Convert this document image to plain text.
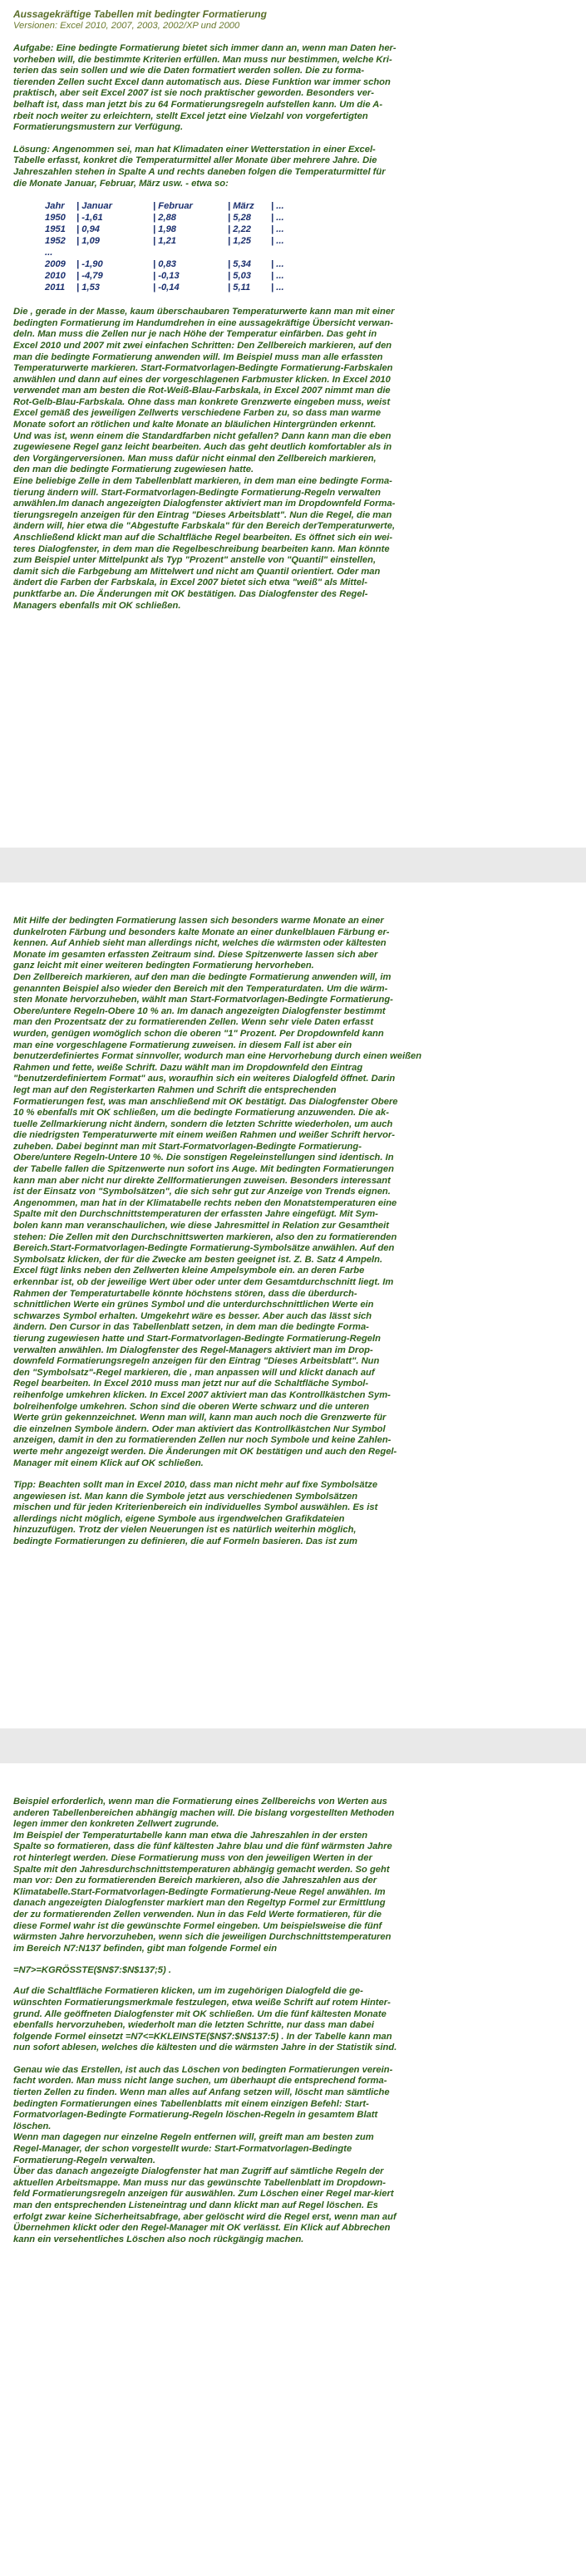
Aussagekräftige Tabellen mit bedingter Formatierung

Versionen: Excel 2010, 2007, 2003, 2002/XP und 2000

Aufgabe: Eine bedingte Formatierung bietet sich immer dann an, wenn man Daten her-
vorheben will, die bestimmte Kriterien erfüllen. Man muss nur bestimmen, welche Kri-
terien das sein sollen und wie die Daten formatiert werden sollen. Die zu forma-
tierenden Zellen sucht Excel dann automatisch aus. Diese Funktion war immer schon
praktisch, aber seit Excel 2007 ist sie noch praktischer geworden. Besonders ver-
belhaft ist, dass man jetzt bis zu 64 Formatierungsregeln aufstellen kann. Um die A-
rbeit noch weiter zu erleichtern, stellt Excel jetzt eine Vielzahl von vorgefertigten
Formatierungsmustern zur Verfügung.

Lösung: Angenommen sei, man hat Klimadaten einer Wetterstation in einer Excel-
Tabelle erfasst, konkret die Temperaturmittel aller Monate über mehrere Jahre. Die
Jahreszahlen stehen in Spalte A und rechts daneben folgen die Temperaturmittel für
die Monate Januar, Februar, März usw. - etwa so:

Jahr	| Januar	| Februar	| März	| ...
1950	| -1,61	| 2,88	| 5,28	| ...
1951	| 0,94	| 1,98	| 2,22	| ...
1952	| 1,09	| 1,21	| 1,25	| ...
...				
2009	| -1,90	| 0,83	| 5,34	| ...
2010	| -4,79	| -0,13	| 5,03	| ...
2011	| 1,53	| -0,14	| 5,11	| ...

Die , gerade in der Masse, kaum überschaubaren Temperaturwerte kann man mit einer
bedingten Formatierung im Handumdrehen in eine aussagekräftige Übersicht verwan-
deln. Man muss die Zellen nur je nach Höhe der Temperatur einfärben. Das geht in
Excel 2010 und 2007 mit zwei einfachen Schritten: Den Zellbereich markieren, auf den
man die bedingte Formatierung anwenden will. Im Beispiel muss man alle erfassten
Temperaturwerte markieren. Start-Formatvorlagen-Bedingte Formatierung-Farbskalen
anwählen und dann auf eines der vorgeschlagenen Farbmuster klicken. In Excel 2010
verwendet man am besten die Rot-Weiß-Blau-Farbskala, in Excel 2007 nimmt man die
Rot-Gelb-Blau-Farbskala. Ohne dass man konkrete Grenzwerte eingeben muss, weist
Excel gemäß des jeweiligen Zellwerts verschiedene Farben zu, so dass man warme
Monate sofort an rötlichen und kalte Monate an bläulichen Hintergründen erkennt.
Und was ist, wenn einem die Standardfarben nicht gefallen? Dann kann man die eben
zugewiesene Regel ganz leicht bearbeiten. Auch das geht deutlich komfortabler als in
den Vorgängerversionen. Man muss dafür nicht einmal den Zellbereich markieren,
den man die bedingte Formatierung zugewiesen hatte.
Eine beliebige Zelle in dem Tabellenblatt markieren, in dem man eine bedingte Forma-
tierung ändern will. Start-Formatvorlagen-Bedingte Formatierung-Regeln verwalten
anwählen.Im danach angezeigten Dialogfenster aktiviert man im Dropdownfeld Forma-
tierungsregeln anzeigen für den Eintrag "Dieses Arbeitsblatt". Nun die Regel, die man
ändern will, hier etwa die "Abgestufte Farbskala" für den Bereich derTemperaturwerte,
Anschließend klickt man auf die Schaltfläche Regel bearbeiten. Es öffnet sich ein wei-
teres Dialogfenster, in dem man die Regelbeschreibung bearbeiten kann. Man könnte
zum Beispiel unter Mittelpunkt als Typ "Prozent" anstelle von "Quantil" einstellen,
damit sich die Farbgebung am Mittelwert und nicht am Quantil orientiert. Oder man
ändert die Farben der Farbskala, in Excel 2007 bietet sich etwa "weiß" als Mittel-
punktfarbe an. Die Änderungen mit OK bestätigen. Das Dialogfenster des Regel-
Managers ebenfalls mit OK schließen.

Mit Hilfe der bedingten Formatierung lassen sich besonders warme Monate an einer
dunkelroten Färbung und besonders kalte Monate an einer dunkelblauen Färbung er-
kennen. Auf Anhieb sieht man allerdings nicht, welches die wärmsten oder kältesten
Monate im gesamten erfassten Zeitraum sind. Diese Spitzenwerte lassen sich aber
ganz leicht mit einer weiteren bedingten Formatierung hervorheben.
Den Zellbereich markieren, auf den man die bedingte Formatierung anwenden will, im
genannten Beispiel also wieder den Bereich mit den Temperaturdaten. Um die wärm-
sten Monate hervorzuheben, wählt man Start-Formatvorlagen-Bedingte Formatierung-
Obere/untere Regeln-Obere 10 % an. Im danach angezeigten Dialogfenster bestimmt
man den Prozentsatz der zu formatierenden Zellen. Wenn sehr viele Daten erfasst
wurden, genügen womöglich schon die oberen "1" Prozent. Per Dropdownfeld kann
man eine vorgeschlagene Formatierung zuweisen. in diesem Fall ist aber ein
benutzerdefiniertes Format sinnvoller, wodurch man eine Hervorhebung durch einen weißen
Rahmen und fette, weiße Schrift. Dazu wählt man im Dropdownfeld den Eintrag
"benutzerdefiniertem Format" aus, woraufhin sich ein weiteres Dialogfeld öffnet. Darin
legt man auf den Registerkarten Rahmen und Schrift die entsprechenden
Formatierungen fest, was man anschließend mit OK bestätigt. Das Dialogfenster Obere
10 % ebenfalls mit OK schließen, um die bedingte Formatierung anzuwenden. Die ak-
tuelle Zellmarkierung nicht ändern, sondern die letzten Schritte wiederholen, um auch
die niedrigsten Temperaturwerte mit einem weißen Rahmen und weißer Schrift hervor-
zuheben. Dabei beginnt man mit Start-Formatvorlagen-Bedingte Formatierung-
Obere/untere Regeln-Untere 10 %. Die sonstigen Regeleinstellungen sind identisch. In
der Tabelle fallen die Spitzenwerte nun sofort ins Auge. Mit bedingten Formatierungen
kann man aber nicht nur direkte Zellformatierungen zuweisen. Besonders interessant
ist der Einsatz von "Symbolsätzen", die sich sehr gut zur Anzeige von Trends eignen.
Angenommen, man hat in der Klimatabelle rechts neben den Monatstemperaturen eine
Spalte mit den Durchschnittstemperaturen der erfassten Jahre eingefügt. Mit Sym-
bolen kann man veranschaulichen, wie diese Jahresmittel in Relation zur Gesamtheit
stehen: Die Zellen mit den Durchschnittswerten markieren, also den zu formatierenden
Bereich.Start-Formatvorlagen-Bedingte Formatierung-Symbolsätze anwählen. Auf den
Symbolsatz klicken, der für die Zwecke am besten geeignet ist. Z. B. Satz 4 Ampeln.
Excel fügt links neben den Zellwerten kleine Ampelsymbole ein. an deren Farbe
erkennbar ist, ob der jeweilige Wert über oder unter dem Gesamtdurchschnitt liegt. Im
Rahmen der Temperaturtabelle könnte höchstens stören, dass die überdurch-
schnittlichen Werte ein grünes Symbol und die unterdurchschnittlichen Werte ein
schwarzes Symbol erhalten. Umgekehrt wäre es besser. Aber auch das lässt sich
ändern. Den Cursor in das Tabellenblatt setzen, in dem man die bedingte Forma-
tierung zugewiesen hatte und Start-Formatvorlagen-Bedingte Formatierung-Regeln
verwalten anwählen. Im Dialogfenster des Regel-Managers aktiviert man im Drop-
downfeld Formatierungsregeln anzeigen für den Eintrag "Dieses Arbeitsblatt". Nun
den "Symbolsatz"-Regel markieren, die , man anpassen will und klickt danach auf
Regel bearbeiten. In Excel 2010 muss man jetzt nur auf die Schaltfläche Symbol-
reihenfolge umkehren klicken. In Excel 2007 aktiviert man das Kontrollkästchen Sym-
bolreihenfolge umkehren. Schon sind die oberen Werte schwarz und die unteren
Werte grün gekennzeichnet. Wenn man will, kann man auch noch die Grenzwerte für
die einzelnen Symbole ändern. Oder man aktiviert das Kontrollkästchen Nur Symbol
anzeigen, damit in den zu formatierenden Zellen nur noch Symbole und keine Zahlen-
werte mehr angezeigt werden. Die Änderungen mit OK bestätigen und auch den Regel-
Manager mit einem Klick auf OK schließen.

Tipp: Beachten sollt man in Excel 2010, dass man nicht mehr auf fixe Symbolsätze
angewiesen ist. Man kann die Symbole jetzt aus verschiedenen Symbolsätzen
mischen und für jeden Kriterienbereich ein individuelles Symbol auswählen. Es ist
allerdings nicht möglich, eigene Symbole aus irgendwelchen Grafikdateien
hinzuzufügen. Trotz der vielen Neuerungen ist es natürlich weiterhin möglich,
bedingte Formatierungen zu definieren, die auf Formeln basieren. Das ist zum

Beispiel erforderlich, wenn man die Formatierung eines Zellbereichs von Werten aus
anderen Tabellenbereichen abhängig machen will. Die bislang vorgestellten Methoden
legen immer den konkreten Zellwert zugrunde.
Im Beispiel der Temperaturtabelle kann man etwa die Jahreszahlen in der ersten
Spalte so formatieren, dass die fünf kältesten Jahre blau und die fünf wärmsten Jahre
rot hinterlegt werden. Diese Formatierung muss von den jeweiligen Werten in der
Spalte mit den Jahresdurchschnittstemperaturen abhängig gemacht werden. So geht
man vor: Den zu formatierenden Bereich markieren, also die Jahreszahlen aus der
Klimatabelle.Start-Formatvorlagen-Bedingte Formatierung-Neue Regel anwählen. Im
danach angezeigten Dialogfenster markiert man den Regeltyp Formel zur Ermittlung
der zu formatierenden Zellen verwenden. Nun in das Feld Werte formatieren, für die
diese Formel wahr ist die gewünschte Formel eingeben. Um beispielsweise die fünf
wärmsten Jahre hervorzuheben, wenn sich die jeweiligen Durchschnittstemperaturen
im Bereich N7:N137 befinden, gibt man folgende Formel ein

=N7>=KGRÖSSTE($N$7:$N$137;5) .

Auf die Schaltfläche Formatieren klicken, um im zugehörigen Dialogfeld die ge-
wünschten Formatierungsmerkmale festzulegen, etwa weiße Schrift auf rotem Hinter-
grund. Alle geöffneten Dialogfenster mit OK schließen. Um die fünf kältesten Monate
ebenfalls hervorzuheben, wiederholt man die letzten Schritte, nur dass man dabei
folgende Formel einsetzt =N7<=KKLEINSTE($N$7:$N$137:5) . In der Tabelle kann man
nun sofort ablesen, welches die kältesten und die wärmsten Jahre in der Statistik sind.

Genau wie das Erstellen, ist auch das Löschen von bedingten Formatierungen verein-
facht worden. Man muss nicht lange suchen, um überhaupt die entsprechend forma-
tierten Zellen zu finden. Wenn man alles auf Anfang setzen will, löscht man sämtliche
bedingten Formatierungen eines Tabellenblatts mit einem einzigen Befehl: Start-
Formatvorlagen-Bedingte Formatierung-Regeln löschen-Regeln in gesamtem Blatt
löschen.
Wenn man dagegen nur einzelne Regeln entfernen will, greift man am besten zum
Regel-Manager, der schon vorgestellt wurde: Start-Formatvorlagen-Bedingte
Formatierung-Regeln verwalten.
Über das danach angezeigte Dialogfenster hat man Zugriff auf sämtliche Regeln der
aktuellen Arbeitsmappe. Man muss nur das gewünschte Tabellenblatt im Dropdown-
feld Formatierungsregeln anzeigen für auswählen. Zum Löschen einer Regel mar-kiert
man den entsprechenden Listeneintrag und dann klickt man auf Regel löschen. Es
erfolgt zwar keine Sicherheitsabfrage, aber gelöscht wird die Regel erst, wenn man auf
Übernehmen klickt oder den Regel-Manager mit OK verlässt. Ein Klick auf Abbrechen
kann ein versehentliches Löschen also noch rückgängig machen.
